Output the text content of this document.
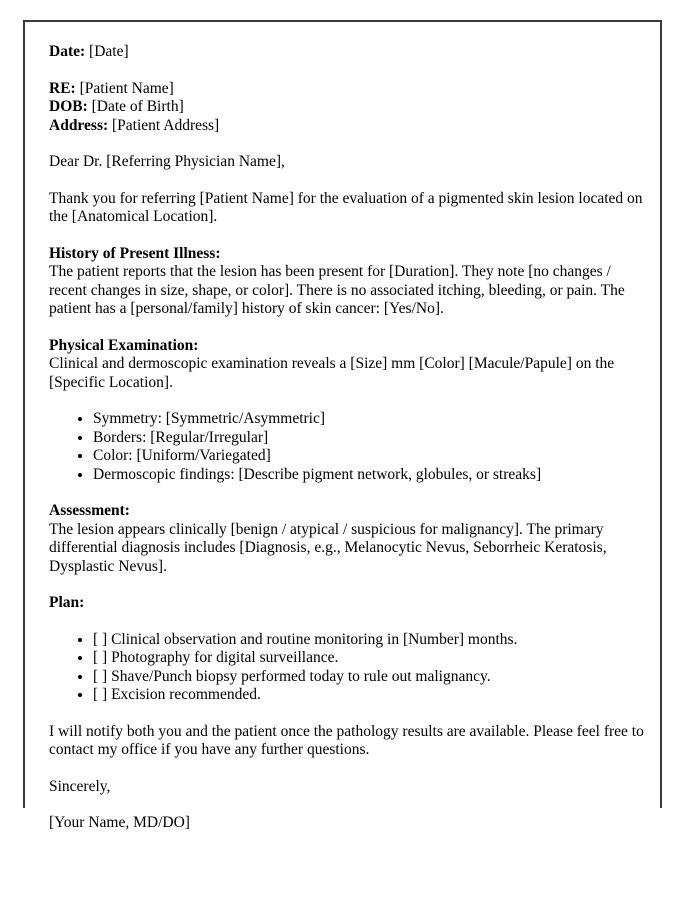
Date: [Date]

RE: [Patient Name]
DOB: [Date of Birth]
Address: [Patient Address]

Dear Dr. [Referring Physician Name],

Thank you for referring [Patient Name] for the evaluation of a pigmented skin lesion located on the [Anatomical Location].

History of Present Illness:
The patient reports that the lesion has been present for [Duration]. They note [no changes / recent changes in size, shape, or color]. There is no associated itching, bleeding, or pain. The patient has a [personal/family] history of skin cancer: [Yes/No].
Physical Examination:
Clinical and dermoscopic examination reveals a [Size] mm [Color] [Macule/Papule] on the [Specific Location].
• Symmetry: [Symmetric/Asymmetric]
• Borders: [Regular/Irregular]
• Color: [Uniform/Variegated]
• Dermoscopic findings: [Describe pigment network, globules, or streaks]
Assessment:
The lesion appears clinically [benign / atypical / suspicious for malignancy]. The primary differential diagnosis includes [Diagnosis, e.g., Melanocytic Nevus, Seborrheic Keratosis, Dysplastic Nevus].

Plan:

• [ ] Clinical observation and routine monitoring in [Number] months.
• [ ] Photography for digital surveillance.
• [ ] Shave/Punch biopsy performed today to rule out malignancy.
• [ ] Excision recommended.

I will notify both you and the patient once the pathology results are available. Please feel free to contact my office if you have any further questions.

Sincerely,

[Your Name, MD/DO]
